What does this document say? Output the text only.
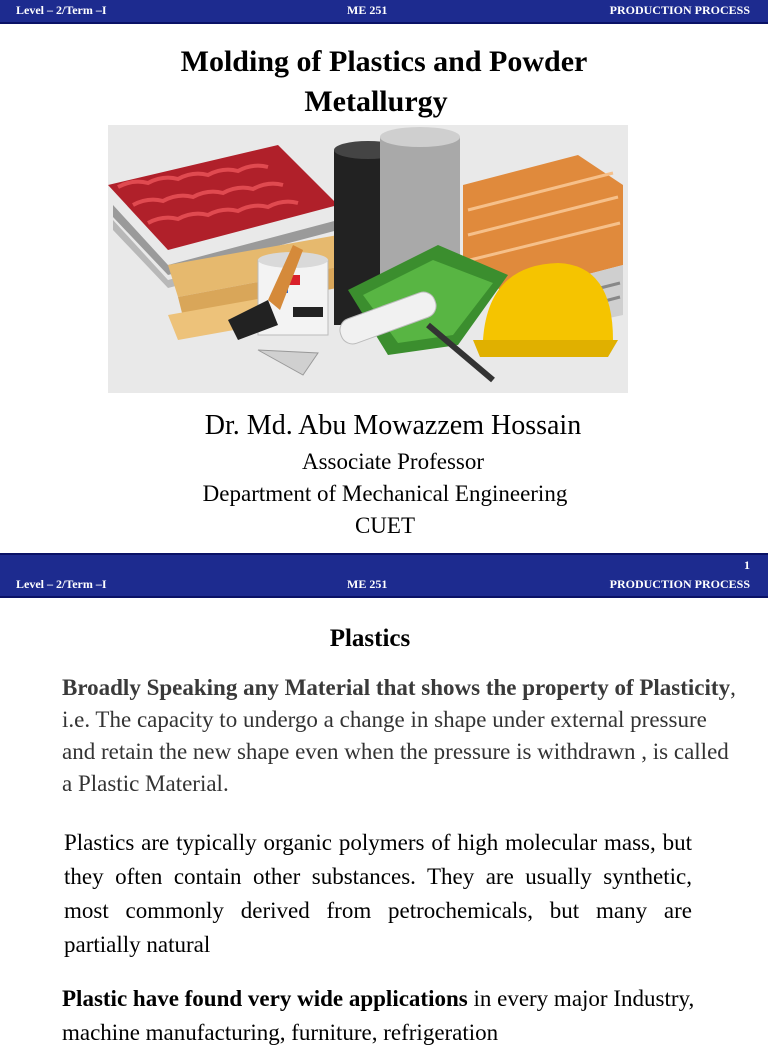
Level – 2/Term –I	ME 251	PRODUCTION PROCESS
Molding of Plastics and Powder
Metallurgy
Dr. Md. Abu Mowazzem Hossain
Associate Professor
Department of Mechanical Engineering
CUET
1
Level – 2/Term –I	ME 251	PRODUCTION PROCESS
Plastics
Broadly Speaking any Material that shows the property of Plasticity, i.e. The capacity to undergo a change in shape under external pressure and retain the new shape even when the pressure is withdrawn , is called a Plastic Material.
Plastics are typically organic polymers of high molecular mass, but they often contain other substances. They are usually synthetic, most commonly derived from petrochemicals, but many are partially natural
Plastic have found very wide applications in every major Industry, machine manufacturing, furniture, refrigeration
